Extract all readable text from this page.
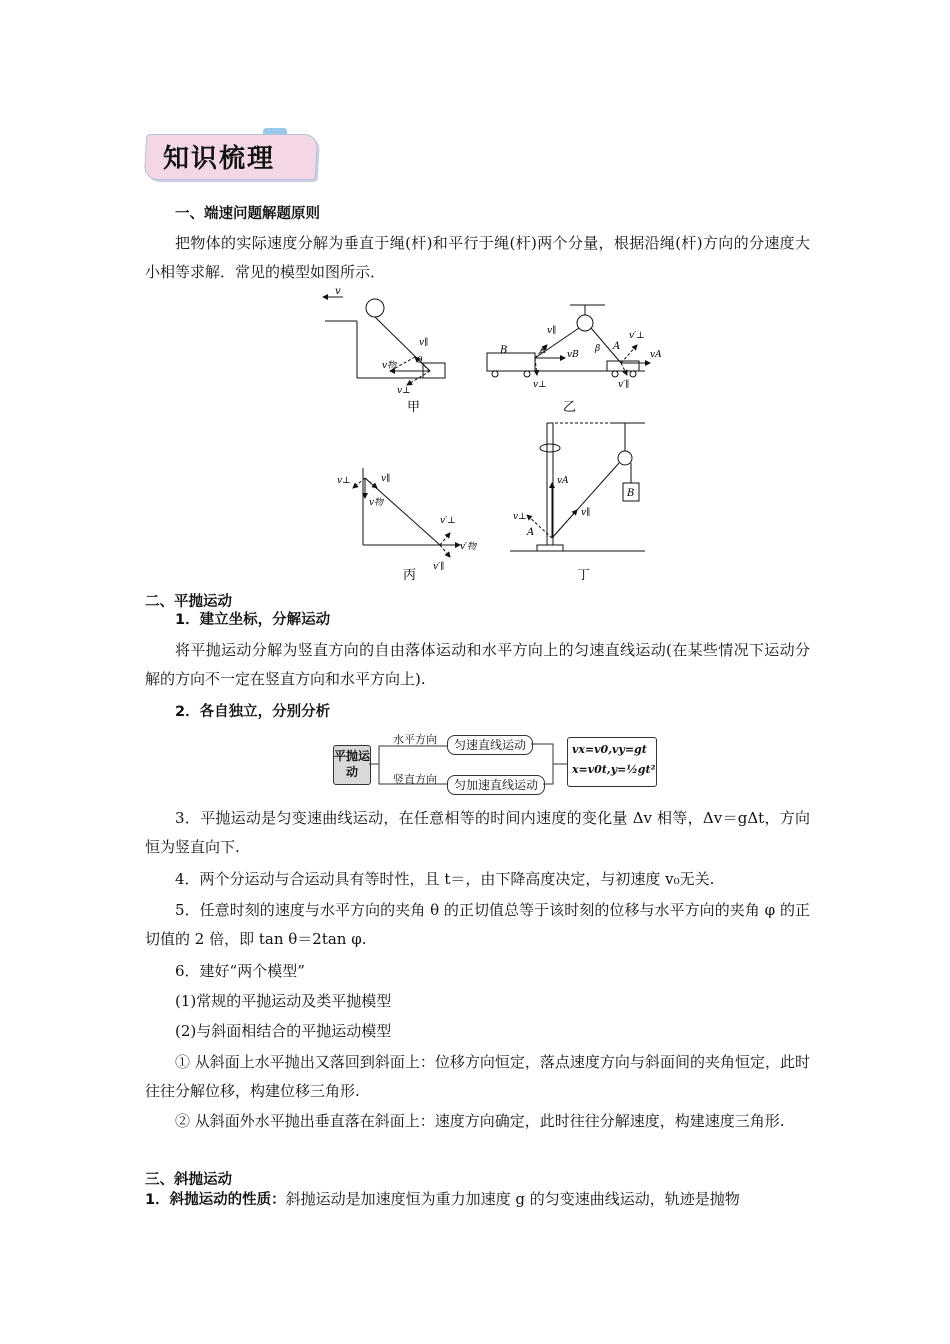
知识梳理
一、端速问题解题原则
把物体的实际速度分解为垂直于绳(杆)和平行于绳(杆)两个分量，根据沿绳(杆)方向的分速度大小相等求解．常见的模型如图所示．
v
v∥
θ
v物
v⊥
甲
B
v∥
α vB
v⊥
β
v′⊥
A
vA
v′∥
乙
v⊥	v∥
v物
v′⊥
v′物
v′∥
丙
vA
v⊥	v∥
A
B
丁
二、平抛运动
1．建立坐标，分解运动
将平抛运动分解为竖直方向的自由落体运动和水平方向上的匀速直线运动(在某些情况下运动分解的方向不一定在竖直方向和水平方向上).
2．各自独立，分别分析
平抛运动
水平方向	匀速直线运动
竖直方向	匀加速直线运动
vx=v0,vy=gt
x=v0t,y=½gt²
3．平抛运动是匀变速曲线运动，在任意相等的时间内速度的变化量 Δv 相等，Δv＝gΔt，方向恒为竖直向下.
4．两个分运动与合运动具有等时性，且 t＝，由下降高度决定，与初速度 v₀无关.
5．任意时刻的速度与水平方向的夹角 θ 的正切值总等于该时刻的位移与水平方向的夹角 φ 的正切值的 2 倍，即 tan θ＝2tan φ.
6．建好“两个模型”
(1)常规的平抛运动及类平抛模型
(2)与斜面相结合的平抛运动模型
① 从斜面上水平抛出又落回到斜面上：位移方向恒定，落点速度方向与斜面间的夹角恒定，此时往往分解位移，构建位移三角形.
② 从斜面外水平抛出垂直落在斜面上：速度方向确定，此时往往分解速度，构建速度三角形.
三、斜抛运动
1．斜抛运动的性质：斜抛运动是加速度恒为重力加速度 g 的匀变速曲线运动，轨迹是抛物
